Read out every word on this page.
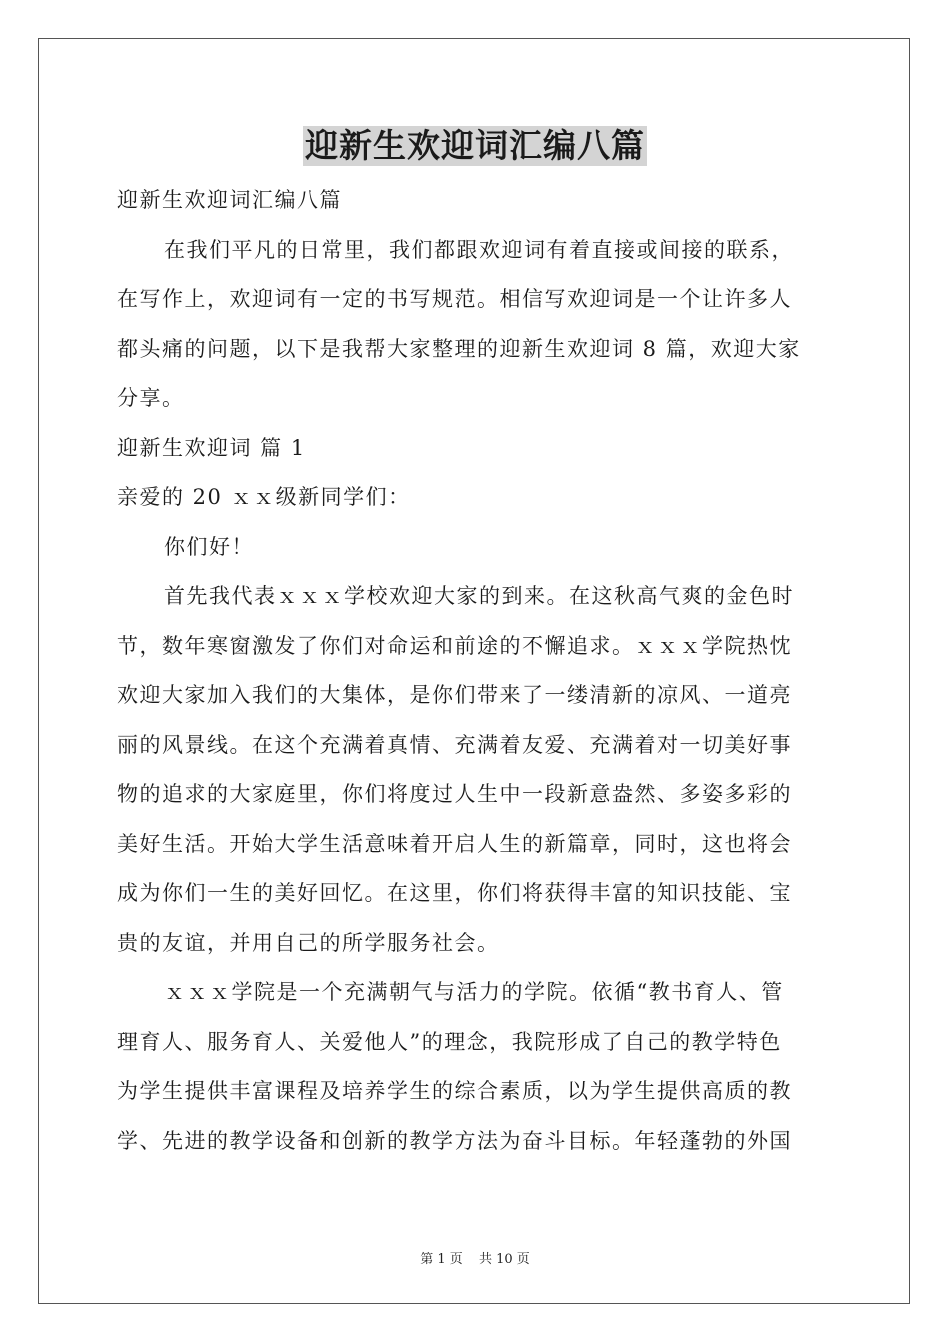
迎新生欢迎词汇编八篇
迎新生欢迎词汇编八篇
在我们平凡的日常里，我们都跟欢迎词有着直接或间接的联系，
在写作上，欢迎词有一定的书写规范。相信写欢迎词是一个让许多人
都头痛的问题，以下是我帮大家整理的迎新生欢迎词 8 篇，欢迎大家
分享。
迎新生欢迎词 篇 1
亲爱的 20 ｘｘ级新同学们：
你们好！
首先我代表ｘｘｘ学校欢迎大家的到来。在这秋高气爽的金色时
节，数年寒窗激发了你们对命运和前途的不懈追求。ｘｘｘ学院热忱
欢迎大家加入我们的大集体，是你们带来了一缕清新的凉风、一道亮
丽的风景线。在这个充满着真情、充满着友爱、充满着对一切美好事
物的追求的大家庭里，你们将度过人生中一段新意盎然、多姿多彩的
美好生活。开始大学生活意味着开启人生的新篇章，同时，这也将会
成为你们一生的美好回忆。在这里，你们将获得丰富的知识技能、宝
贵的友谊，并用自己的所学服务社会。
ｘｘｘ学院是一个充满朝气与活力的学院。依循“教书育人、管
理育人、服务育人、关爱他人”的理念，我院形成了自己的教学特色
为学生提供丰富课程及培养学生的综合素质，以为学生提供高质的教
学、先进的教学设备和创新的教学方法为奋斗目标。年轻蓬勃的外国
第 1 页 共 10 页
